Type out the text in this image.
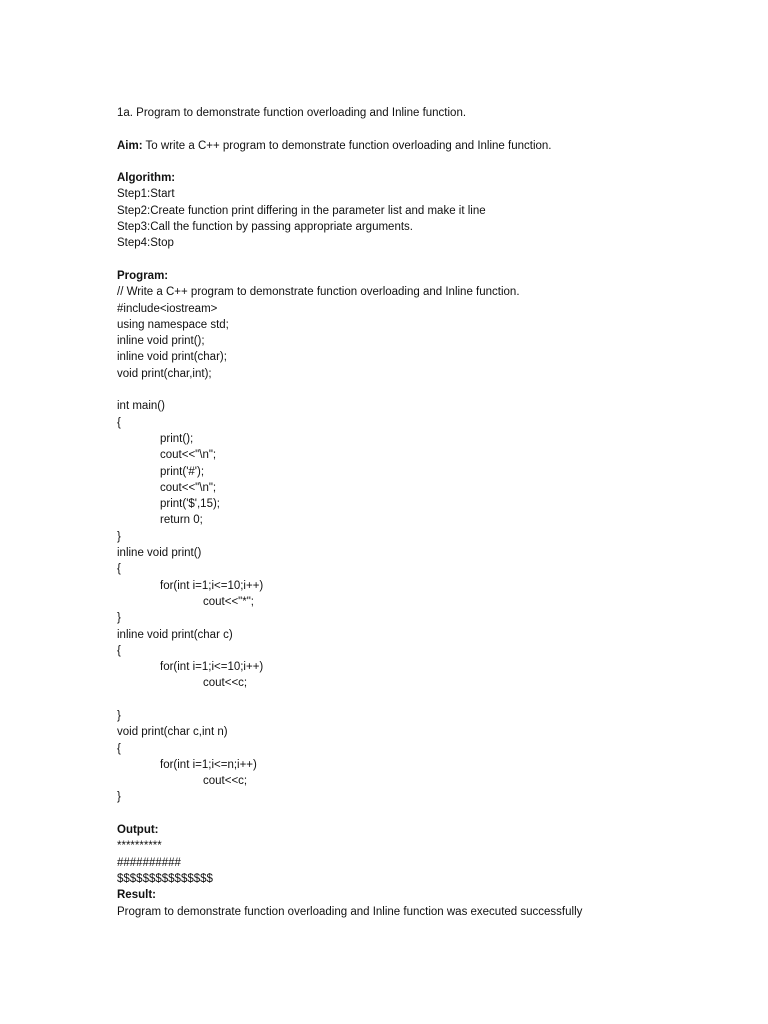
1a. Program to demonstrate function overloading and Inline function.
Aim: To write a C++ program to demonstrate function overloading and Inline function.
Algorithm:
Step1:Start
Step2:Create function print differing in the parameter list and make it line
Step3:Call the function by passing appropriate arguments.
Step4:Stop
Program:
// Write a C++ program to demonstrate function overloading and Inline function.
#include<iostream>
using namespace std;
inline void print();
inline void print(char);
void print(char,int);
int main()
{
print();
cout<<"\n";
print('#');
cout<<"\n";
print('$',15);
return 0;
}
inline void print()
{
for(int i=1;i<=10;i++)
cout<<"*";
}
inline void print(char c)
{
for(int i=1;i<=10;i++)
cout<<c;
}
void print(char c,int n)
{
for(int i=1;i<=n;i++)
cout<<c;
}
Output:
**********
##########
$$$$$$$$$$$$$$$
Result:
Program to demonstrate function overloading and Inline function was executed successfully
